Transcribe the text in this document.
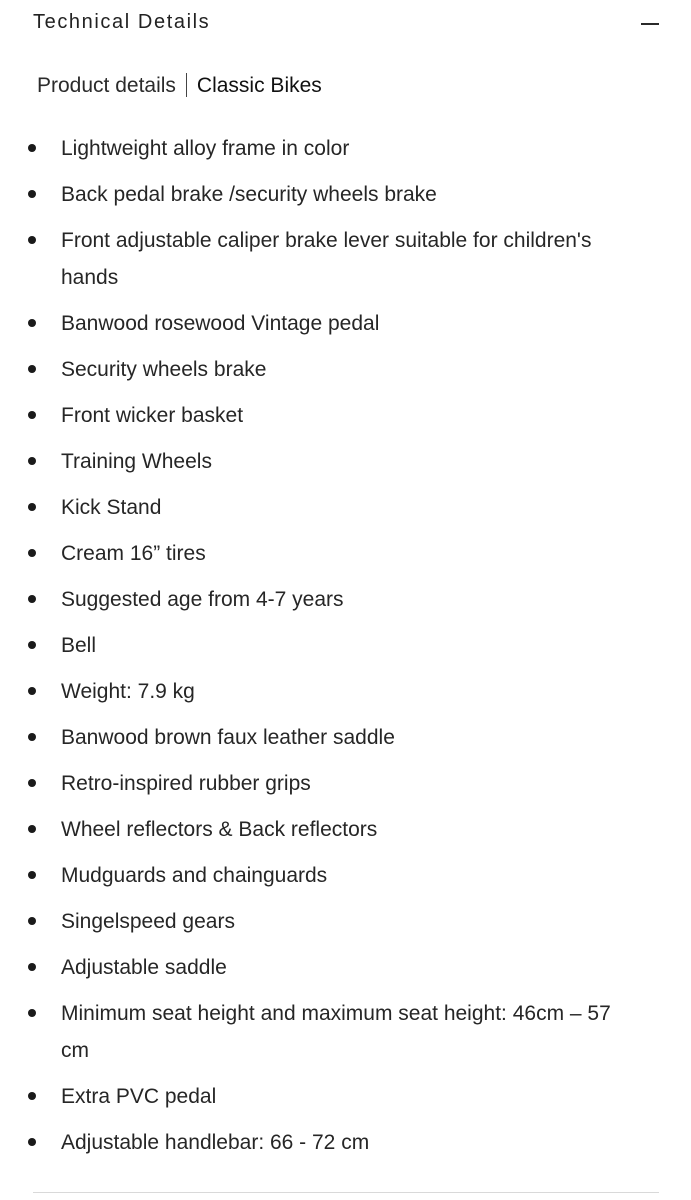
Technical Details
Product details Classic Bikes
Lightweight alloy frame in color
Back pedal brake /security wheels brake
Front adjustable caliper brake lever suitable for children's hands
Banwood rosewood Vintage pedal
Security wheels brake
Front wicker basket
Training Wheels
Kick Stand
Cream 16” tires
Suggested age from 4-7 years
Bell
Weight: 7.9 kg
Banwood brown faux leather saddle
Retro-inspired rubber grips
Wheel reflectors & Back reflectors
Mudguards and chainguards
Singelspeed gears
Adjustable saddle
Minimum seat height and maximum seat height: 46cm – 57 cm
Extra PVC pedal
Adjustable handlebar: 66 - 72 cm
